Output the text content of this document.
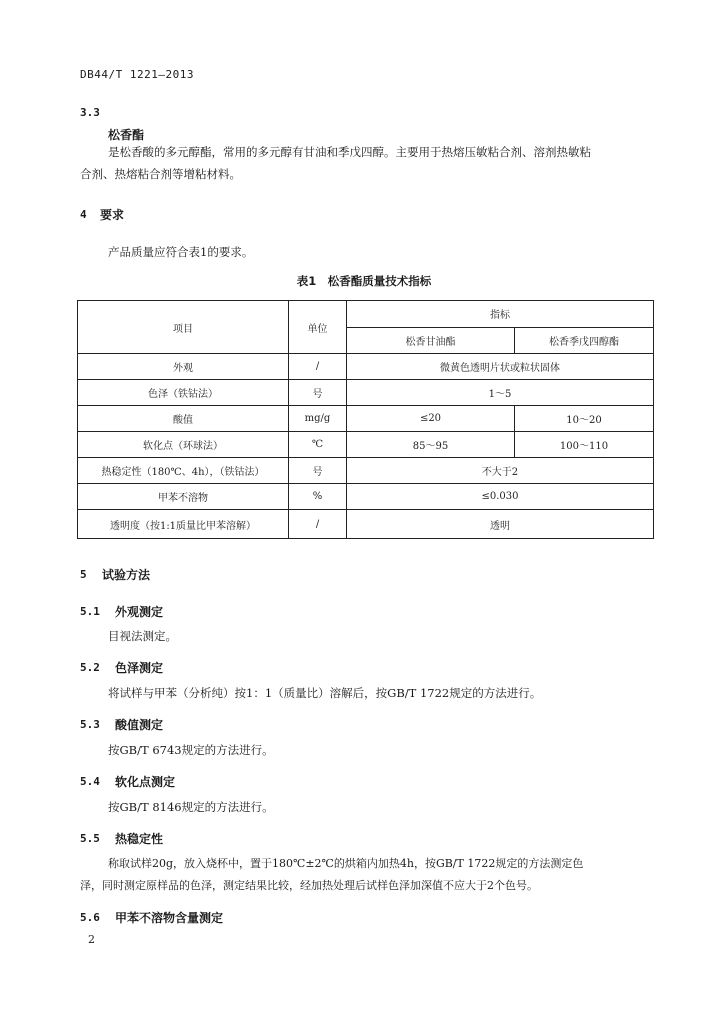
DB44/T 1221—2013
3.3
松香酯
是松香酸的多元醇酯，常用的多元醇有甘油和季戊四醇。主要用于热熔压敏粘合剂、溶剂热敏粘
合剂、热熔粘合剂等增粘材料。
4 要求
产品质量应符合表1的要求。
表1　松香酯质量技术指标
项目	单位	指标	
		松香甘油酯	松香季戊四醇酯
外观	/	微黄色透明片状或粒状固体	
色泽（铁钴法）	号	1～5	
酸值	mg/g	≤20	10～20
软化点（环球法）	℃	85～95	100～110
热稳定性（180℃、4h），（铁钴法）	号	不大于2	
甲苯不溶物	%	≤0.030	
透明度（按1:1质量比甲苯溶解）	/	透明	
5 试验方法
5.1 外观测定
目视法测定。
5.2 色泽测定
将试样与甲苯（分析纯）按1：1（质量比）溶解后，按GB/T 1722规定的方法进行。
5.3 酸值测定
按GB/T 6743规定的方法进行。
5.4 软化点测定
按GB/T 8146规定的方法进行。
5.5 热稳定性
称取试样20g，放入烧杯中，置于180℃±2℃的烘箱内加热4h，按GB/T 1722规定的方法测定色
泽，同时测定原样品的色泽，测定结果比较，经加热处理后试样色泽加深值不应大于2个色号。
5.6 甲苯不溶物含量测定
2
